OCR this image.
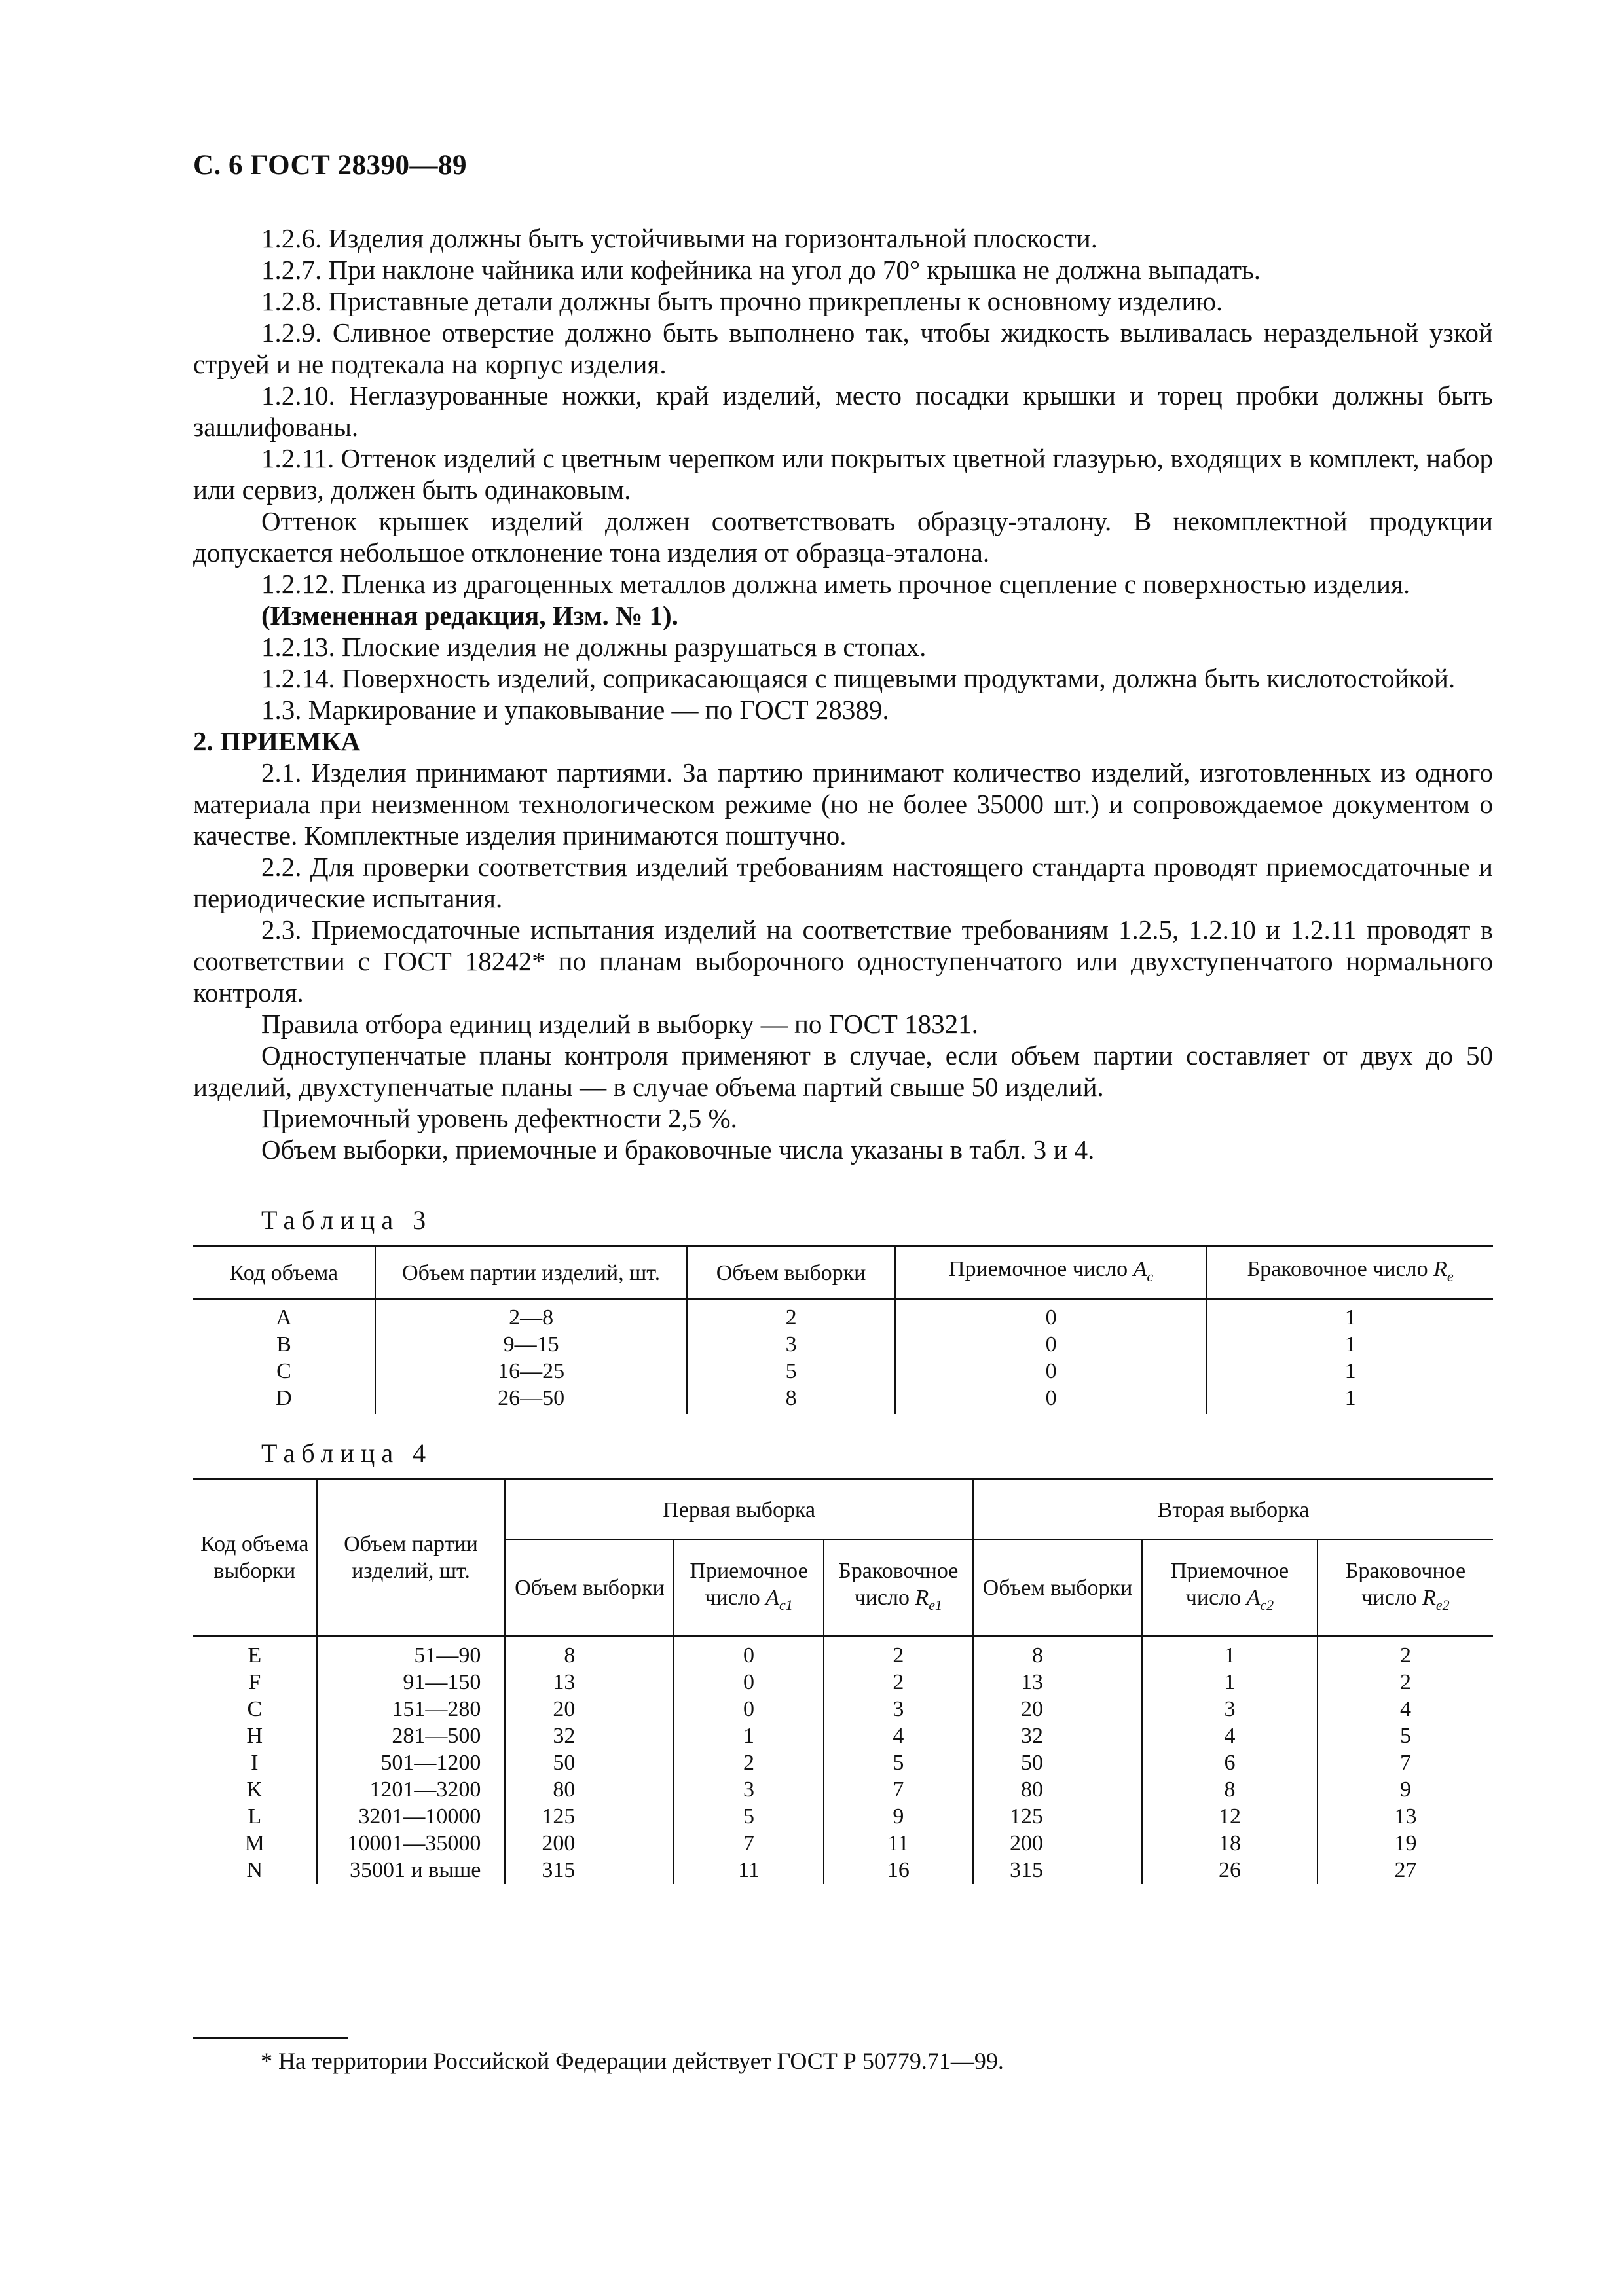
С. 6 ГОСТ 28390—89

1.2.6. Изделия должны быть устойчивыми на горизонтальной плоскости.

1.2.7. При наклоне чайника или кофейника на угол до 70° крышка не должна выпадать.

1.2.8. Приставные детали должны быть прочно прикреплены к основному изделию.

1.2.9. Сливное отверстие должно быть выполнено так, чтобы жидкость выливалась нераздельной узкой струей и не подтекала на корпус изделия.

1.2.10. Неглазурованные ножки, край изделий, место посадки крышки и торец пробки должны быть зашлифованы.

1.2.11. Оттенок изделий с цветным черепком или покрытых цветной глазурью, входящих в комплект, набор или сервиз, должен быть одинаковым.

Оттенок крышек изделий должен соответствовать образцу-эталону. В некомплектной продукции допускается небольшое отклонение тона изделия от образца-эталона.

1.2.12. Пленка из драгоценных металлов должна иметь прочное сцепление с поверхностью изделия.

(Измененная редакция, Изм. № 1).

1.2.13. Плоские изделия не должны разрушаться в стопах.

1.2.14. Поверхность изделий, соприкасающаяся с пищевыми продуктами, должна быть кислотостойкой.

1.3. Маркирование и упаковывание — по ГОСТ 28389.

2. ПРИЕМКА

2.1. Изделия принимают партиями. За партию принимают количество изделий, изготовленных из одного материала при неизменном технологическом режиме (но не более 35000 шт.) и сопровождаемое документом о качестве. Комплектные изделия принимаются поштучно.

2.2. Для проверки соответствия изделий требованиям настоящего стандарта проводят приемосдаточные и периодические испытания.

2.3. Приемосдаточные испытания изделий на соответствие требованиям 1.2.5, 1.2.10 и 1.2.11 проводят в соответствии с ГОСТ 18242* по планам выборочного одноступенчатого или двухступенчатого нормального контроля.

Правила отбора единиц изделий в выборку — по ГОСТ 18321.

Одноступенчатые планы контроля применяют в случае, если объем партии составляет от двух до 50 изделий, двухступенчатые планы — в случае объема партий свыше 50 изделий.

Приемочный уровень дефектности 2,5 %.

Объем выборки, приемочные и браковочные числа указаны в табл. 3 и 4.

Таблица 3

Код объема	Объем партии изделий, шт.	Объем выборки	Приемочное число $A_c$	Браковочное число $R_e$
A	2—8	2	0	1
B	9—15	3	0	1
C	16—25	5	0	1
D	26—50	8	0	1

Таблица 4

Код объема выборки	Объем партии изделий, шт.	Первая выборка			Вторая выборка		
		Объем выборки	Приемочное число $A_{c1}$	Браковочное число $R_{e1}$	Объем выборки	Приемочное число $A_{c2}$	Браковочное число $R_{e2}$
E	51—90	8	0	2	8	1	2
F	91—150	13	0	2	13	1	2
C	151—280	20	0	3	20	3	4
H	281—500	32	1	4	32	4	5
I	501—1200	50	2	5	50	6	7
K	1201—3200	80	3	7	80	8	9
L	3201—10000	125	5	9	125	12	13
M	10001—35000	200	7	11	200	18	19
N	35001 и выше	315	11	16	315	26	27
* На территории Российской Федерации действует ГОСТ Р 50779.71—99.
